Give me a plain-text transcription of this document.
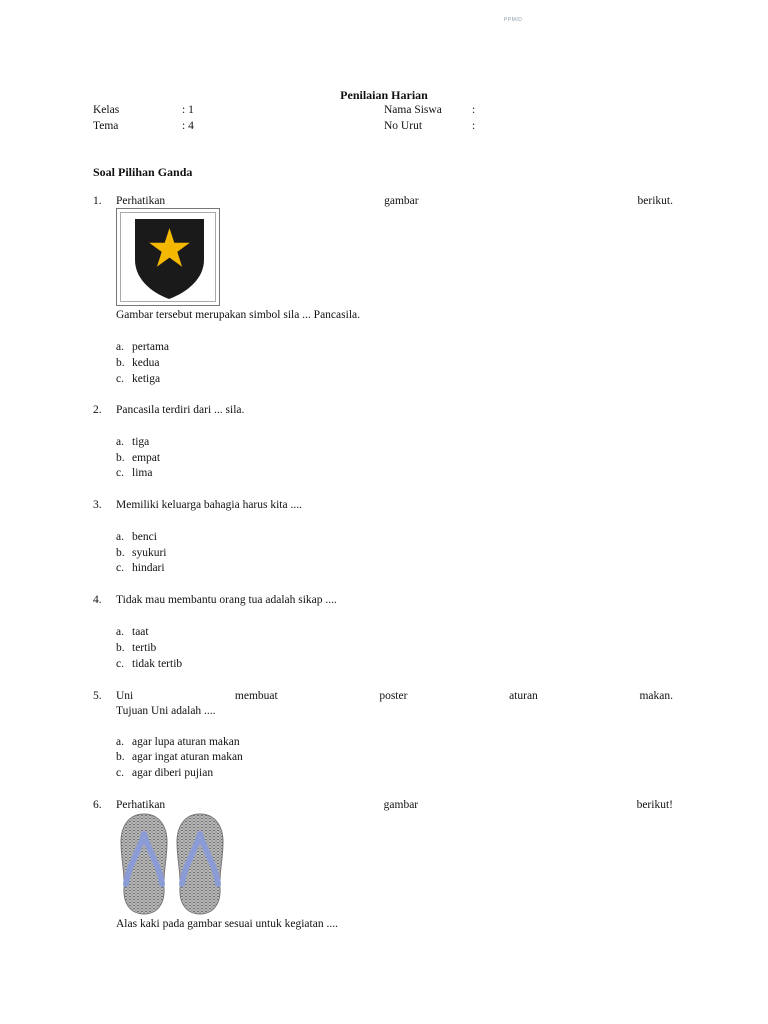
PPMID
Penilaian Harian
Kelas	: 1
Tema	: 4
Nama Siswa	:
No Urut	:
Soal Pilihan Ganda
1. Perhatikan	gambar	berikut.
Gambar tersebut merupakan simbol sila ... Pancasila.
a. pertama
b. kedua
c. ketiga
2. Pancasila terdiri dari ... sila.
a. tiga
b. empat
c. lima
3. Memiliki keluarga bahagia harus kita ....
a. benci
b. syukuri
c. hindari
4. Tidak mau membantu orang tua adalah sikap ....
a. taat
b. tertib
c. tidak tertib
5. Uni	membuat	poster	aturan	makan.
Tujuan Uni adalah ....
a. agar lupa aturan makan
b. agar ingat aturan makan
c. agar diberi pujian
6. Perhatikan	gambar	berikut!
Alas kaki pada gambar sesuai untuk kegiatan ....
